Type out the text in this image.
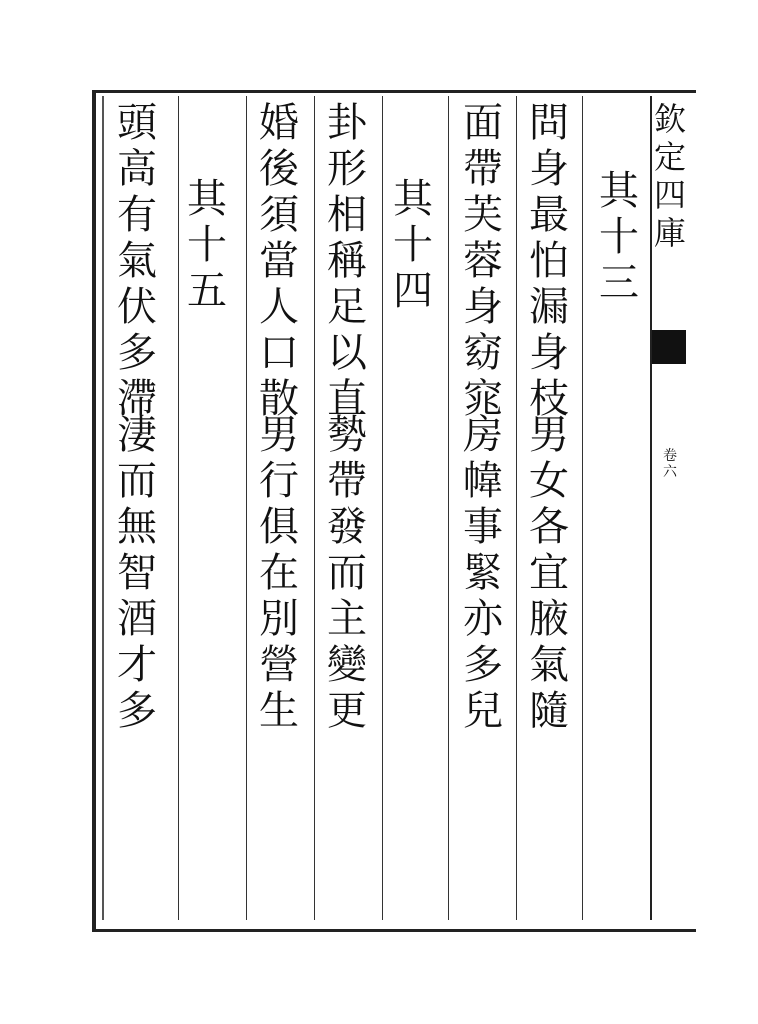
欽
定
四
庫
卷
六
問
身
最
怕
漏
身
枝
男
女
各
宜
腋
氣
隨
其
十
三
面
帶
芙
蓉
身
窈
窕
房
幃
事
緊
亦
多
兒
其
十
四
卦
形
相
稱
足
以
直
勢
帶
發
而
主
變
更
婚
後
須
當
人
口
散
男
行
俱
在
別
營
生
其
十
五
頭
高
有
氣
伏
多
滯
淒
而
無
智
酒
才
多
